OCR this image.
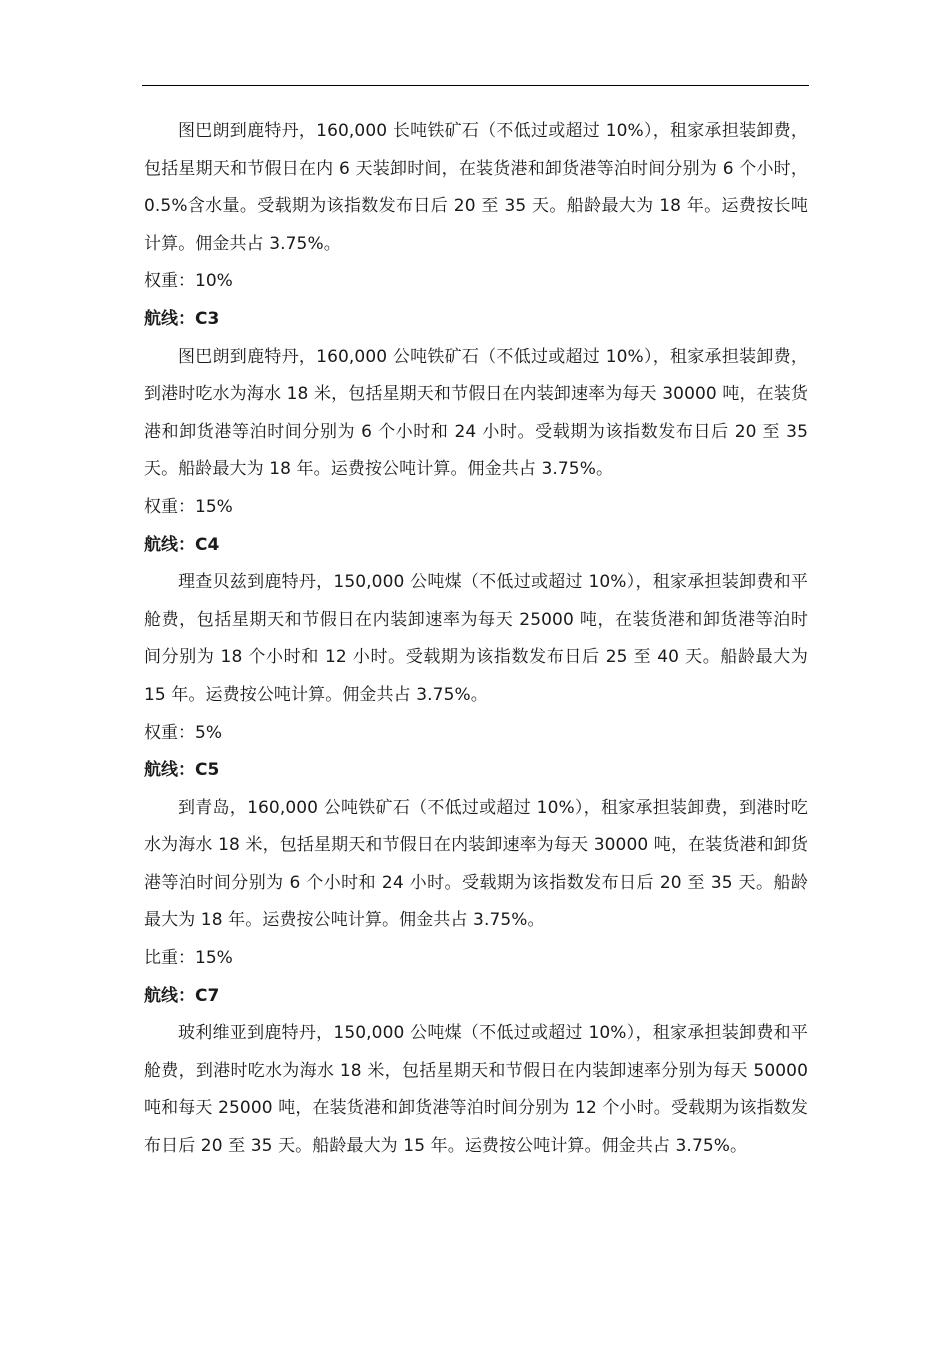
图巴朗到鹿特丹，160,000 长吨铁矿石（不低过或超过 10%），租家承担装卸费，包括星期天和节假日在内 6 天装卸时间，在装货港和卸货港等泊时间分别为 6 个小时，0.5%含水量。受载期为该指数发布日后 20 至 35 天。船龄最大为 18 年。运费按长吨计算。佣金共占 3.75%。

权重：10%

航线：C3

图巴朗到鹿特丹，160,000 公吨铁矿石（不低过或超过 10%），租家承担装卸费，到港时吃水为海水 18 米，包括星期天和节假日在内装卸速率为每天 30000 吨，在装货港和卸货港等泊时间分别为 6 个小时和 24 小时。受载期为该指数发布日后 20 至 35 天。船龄最大为 18 年。运费按公吨计算。佣金共占 3.75%。

权重：15%

航线：C4

理查贝兹到鹿特丹，150,000 公吨煤（不低过或超过 10%），租家承担装卸费和平舱费，包括星期天和节假日在内装卸速率为每天 25000 吨，在装货港和卸货港等泊时间分别为 18 个小时和 12 小时。受载期为该指数发布日后 25 至 40 天。船龄最大为 15 年。运费按公吨计算。佣金共占 3.75%。

权重：5%

航线：C5

到青岛，160,000 公吨铁矿石（不低过或超过 10%），租家承担装卸费，到港时吃水为海水 18 米，包括星期天和节假日在内装卸速率为每天 30000 吨，在装货港和卸货港等泊时间分别为 6 个小时和 24 小时。受载期为该指数发布日后 20 至 35 天。船龄最大为 18 年。运费按公吨计算。佣金共占 3.75%。

比重：15%

航线：C7

玻利维亚到鹿特丹，150,000 公吨煤（不低过或超过 10%），租家承担装卸费和平舱费，到港时吃水为海水 18 米，包括星期天和节假日在内装卸速率分别为每天 50000 吨和每天 25000 吨，在装货港和卸货港等泊时间分别为 12 个小时。受载期为该指数发布日后 20 至 35 天。船龄最大为 15 年。运费按公吨计算。佣金共占 3.75%。
